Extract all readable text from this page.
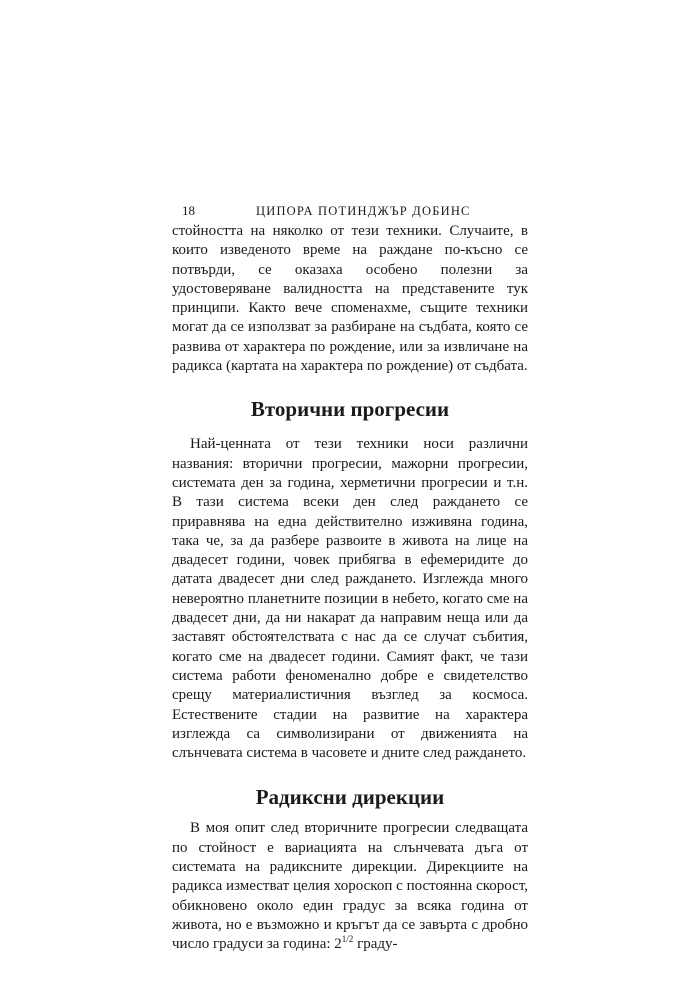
18	ЦИПОРА ПОТИНДЖЪР ДОБИНС

стойността на няколко от тези техники. Случаите, в които изведеното време на раждане по-късно се потвърди, се оказаха особено полезни за удостоверяване валидността на представените тук принципи. Както вече споменахме, същите техники могат да се използват за разбиране на съдбата, която се развива от характера по рождение, или за извличане на радикса (картата на характера по рождение) от съдбата.

Вторични прогресии

Най-ценната от тези техники носи различни названия: вторични прогресии, мажорни прогресии, системата ден за година, херметични прогресии и т.н. В тази система всеки ден след раждането се приравнява на една действително изживяна година, така че, за да разбере развоите в живота на лице на двадесет години, човек прибягва в ефемеридите до датата двадесет дни след раждането. Изглежда много невероятно планетните позиции в небето, когато сме на двадесет дни, да ни накарат да направим неща или да заставят обстоятелствата с нас да се случат събития, когато сме на двадесет години. Самият факт, че тази система работи феноменално добре е свидетелство срещу материалистичния възглед за космоса. Естествените стадии на развитие на характера изглежда са символизирани от движенията на слънчевата система в часовете и дните след раждането.

Радиксни дирекции

В моя опит след вторичните прогресии следващата по стойност е вариацията на слънчевата дъга от системата на радиксните дирекции. Дирекциите на радикса изместват целия хороскоп с постоянна скорост, обикновено около един градус за всяка година от живота, но е възможно и кръгът да се завърта с дробно число градуси за година: $2^{1/2}$ граду-
